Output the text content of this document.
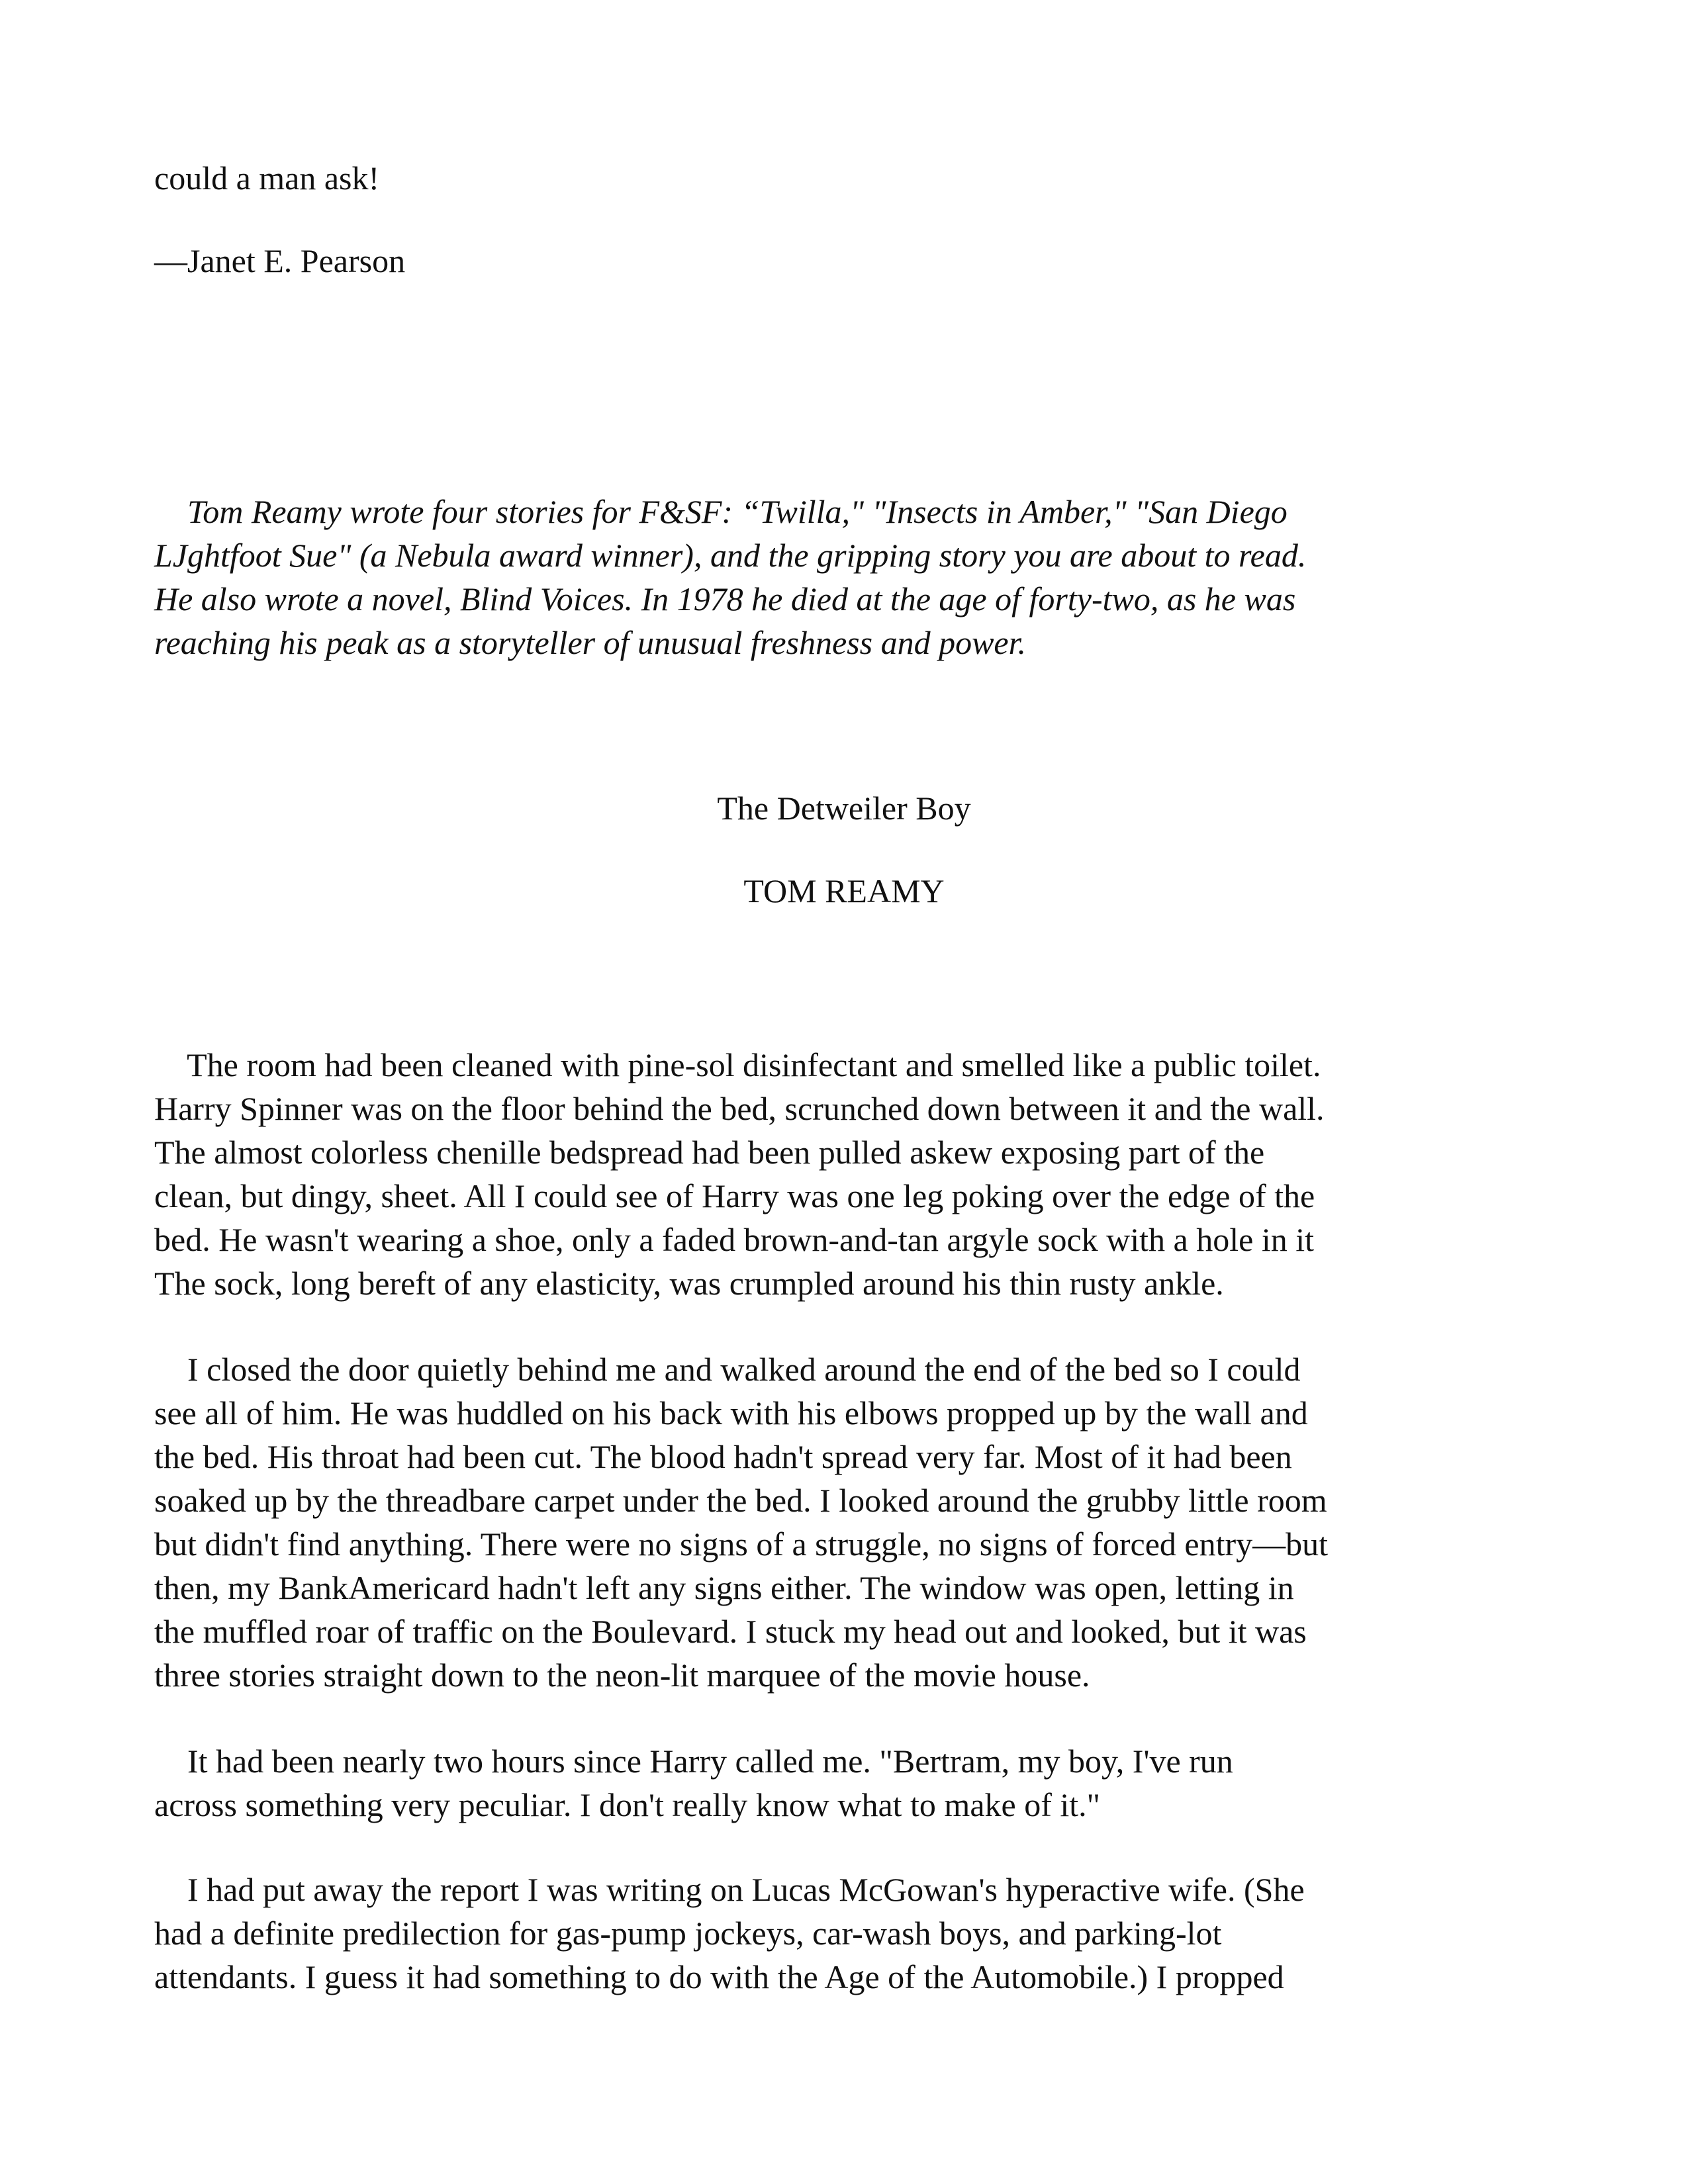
could a man ask!

—Janet E. Pearson

Tom Reamy wrote four stories for F&SF: “Twilla," "Insects in Amber," "San Diego

LJghtfoot Sue" (a Nebula award winner), and the gripping story you are about to read.

He also wrote a novel, Blind Voices. In 1978 he died at the age of forty-two, as he was

reaching his peak as a storyteller of unusual freshness and power.

The Detweiler Boy

TOM REAMY

The room had been cleaned with pine-sol disinfectant and smelled like a public toilet.

Harry Spinner was on the floor behind the bed, scrunched down between it and the wall.

The almost colorless chenille bedspread had been pulled askew exposing part of the

clean, but dingy, sheet. All I could see of Harry was one leg poking over the edge of the

bed. He wasn't wearing a shoe, only a faded brown-and-tan argyle sock with a hole in it

The sock, long bereft of any elasticity, was crumpled around his thin rusty ankle.

I closed the door quietly behind me and walked around the end of the bed so I could

see all of him. He was huddled on his back with his elbows propped up by the wall and

the bed. His throat had been cut. The blood hadn't spread very far. Most of it had been

soaked up by the threadbare carpet under the bed. I looked around the grubby little room

but didn't find anything. There were no signs of a struggle, no signs of forced entry—but

then, my BankAmericard hadn't left any signs either. The window was open, letting in

the muffled roar of traffic on the Boulevard. I stuck my head out and looked, but it was

three stories straight down to the neon-lit marquee of the movie house.

It had been nearly two hours since Harry called me. "Bertram, my boy, I've run

across something very peculiar. I don't really know what to make of it."

I had put away the report I was writing on Lucas McGowan's hyperactive wife. (She

had a definite predilection for gas-pump jockeys, car-wash boys, and parking-lot

attendants. I guess it had something to do with the Age of the Automobile.) I propped
